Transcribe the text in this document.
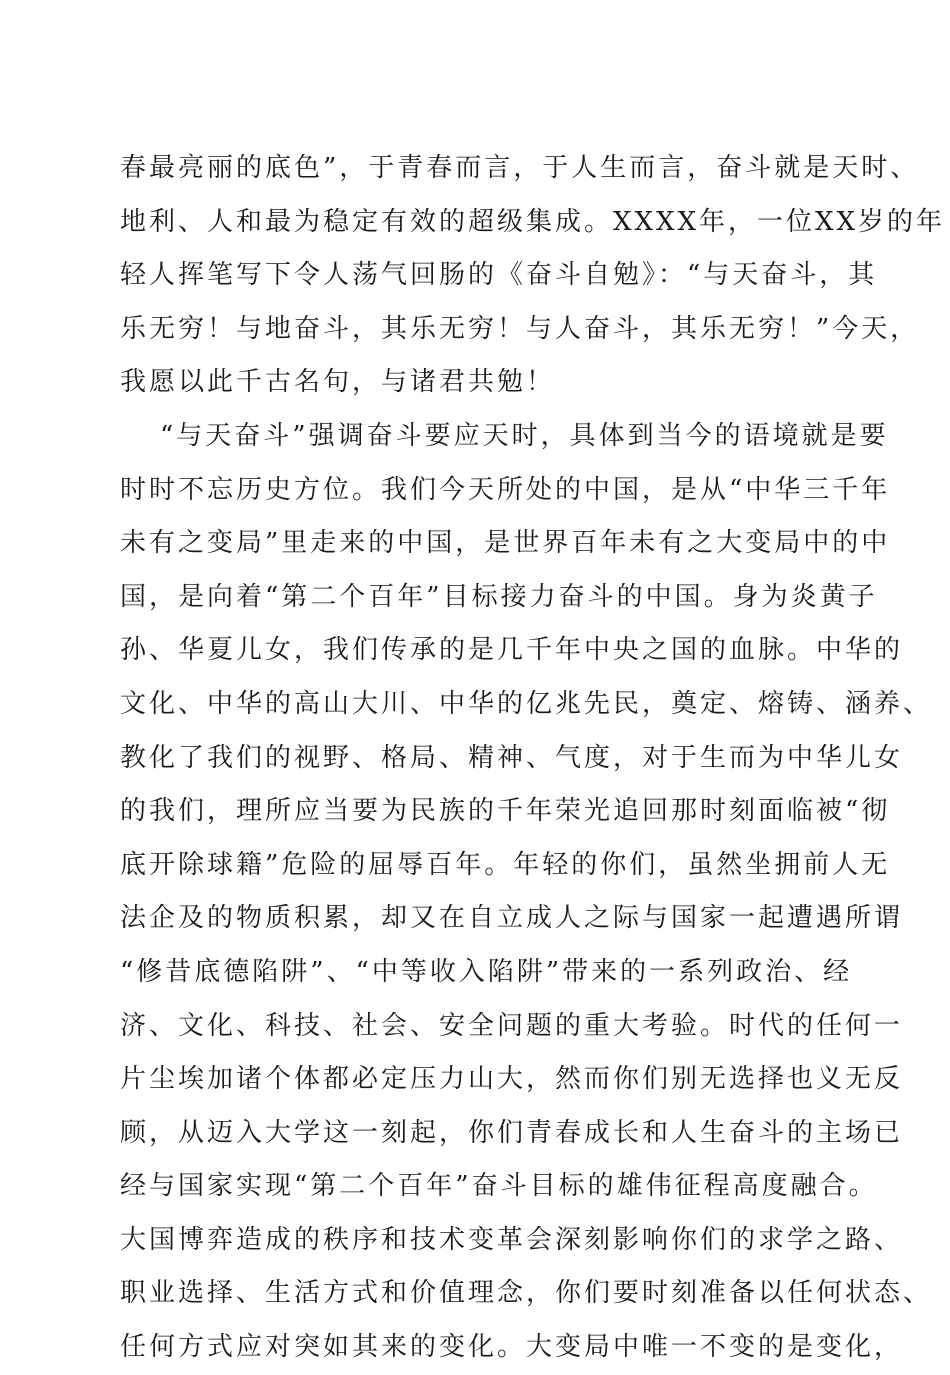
春最亮丽的底色”，于青春而言，于人生而言，奋斗就是天时、
地利、人和最为稳定有效的超级集成。XXXX年，一位XX岁的年
轻人挥笔写下令人荡气回肠的《奋斗自勉》：“与天奋斗，其
乐无穷！与地奋斗，其乐无穷！与人奋斗，其乐无穷！”今天，
我愿以此千古名句，与诸君共勉！
“与天奋斗”强调奋斗要应天时，具体到当今的语境就是要
时时不忘历史方位。我们今天所处的中国，是从“中华三千年
未有之变局”里走来的中国，是世界百年未有之大变局中的中
国，是向着“第二个百年”目标接力奋斗的中国。身为炎黄子
孙、华夏儿女，我们传承的是几千年中央之国的血脉。中华的
文化、中华的高山大川、中华的亿兆先民，奠定、熔铸、涵养、
教化了我们的视野、格局、精神、气度，对于生而为中华儿女
的我们，理所应当要为民族的千年荣光追回那时刻面临被“彻
底开除球籍”危险的屈辱百年。年轻的你们，虽然坐拥前人无
法企及的物质积累，却又在自立成人之际与国家一起遭遇所谓
“修昔底德陷阱”、“中等收入陷阱”带来的一系列政治、经
济、文化、科技、社会、安全问题的重大考验。时代的任何一
片尘埃加诸个体都必定压力山大，然而你们别无选择也义无反
顾，从迈入大学这一刻起，你们青春成长和人生奋斗的主场已
经与国家实现“第二个百年”奋斗目标的雄伟征程高度融合。
大国博弈造成的秩序和技术变革会深刻影响你们的求学之路、
职业选择、生活方式和价值理念，你们要时刻准备以任何状态、
任何方式应对突如其来的变化。大变局中唯一不变的是变化，
